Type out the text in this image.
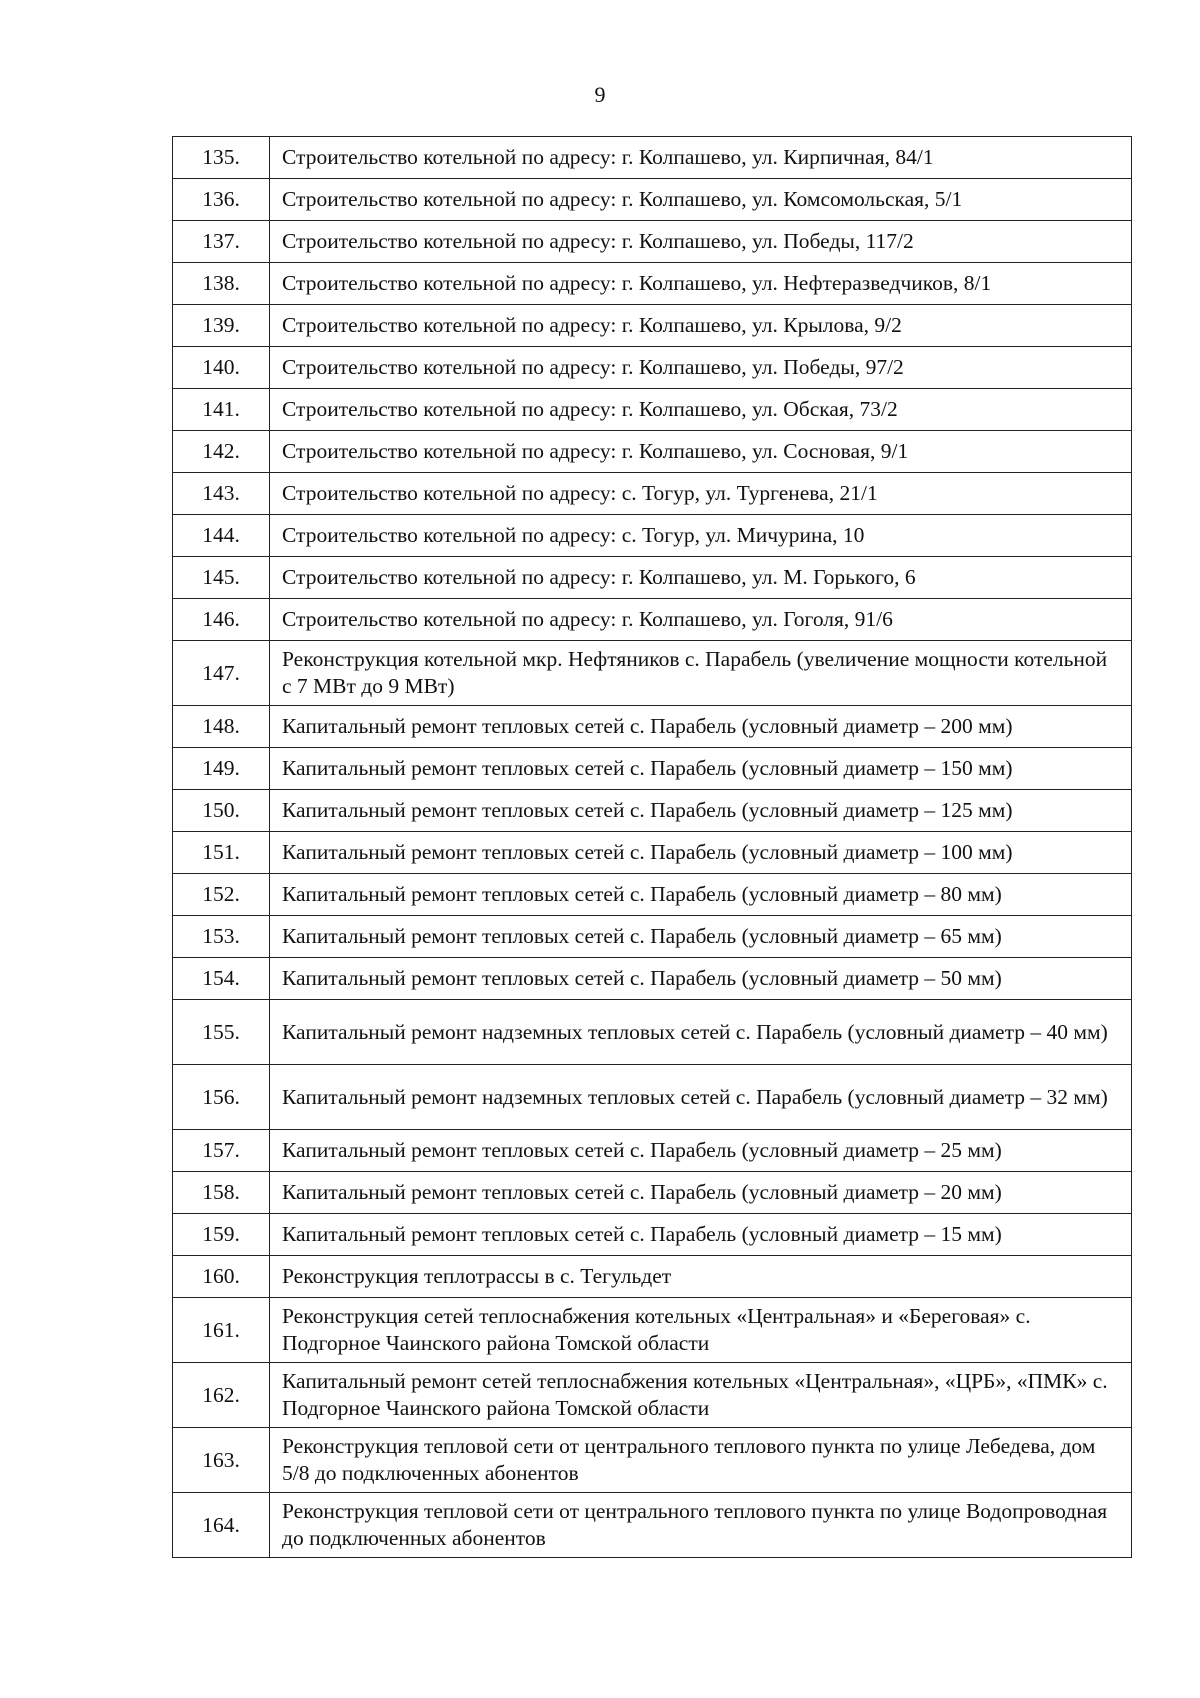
9
135.	Строительство котельной по адресу: г. Колпашево, ул. Кирпичная, 84/1
136.	Строительство котельной по адресу: г. Колпашево, ул. Комсомольская, 5/1
137.	Строительство котельной по адресу: г. Колпашево, ул. Победы, 117/2
138.	Строительство котельной по адресу: г. Колпашево, ул. Нефтеразведчиков, 8/1
139.	Строительство котельной по адресу: г. Колпашево, ул. Крылова, 9/2
140.	Строительство котельной по адресу: г. Колпашево, ул. Победы, 97/2
141.	Строительство котельной по адресу: г. Колпашево, ул. Обская, 73/2
142.	Строительство котельной по адресу: г. Колпашево, ул. Сосновая, 9/1
143.	Строительство котельной по адресу: с. Тогур, ул. Тургенева, 21/1
144.	Строительство котельной по адресу: с. Тогур, ул. Мичурина, 10
145.	Строительство котельной по адресу: г. Колпашево, ул. М. Горького, 6
146.	Строительство котельной по адресу: г. Колпашево, ул. Гоголя, 91/6
147.	Реконструкция котельной мкр. Нефтяников с. Парабель (увеличение мощности котельной с 7 МВт до 9 МВт)
148.	Капитальный ремонт тепловых сетей с. Парабель (условный диаметр – 200 мм)
149.	Капитальный ремонт тепловых сетей с. Парабель (условный диаметр – 150 мм)
150.	Капитальный ремонт тепловых сетей с. Парабель (условный диаметр – 125 мм)
151.	Капитальный ремонт тепловых сетей с. Парабель (условный диаметр – 100 мм)
152.	Капитальный ремонт тепловых сетей с. Парабель (условный диаметр – 80 мм)
153.	Капитальный ремонт тепловых сетей с. Парабель (условный диаметр – 65 мм)
154.	Капитальный ремонт тепловых сетей с. Парабель (условный диаметр – 50 мм)
155.	Капитальный ремонт надземных тепловых сетей с. Парабель (условный диаметр – 40 мм)
156.	Капитальный ремонт надземных тепловых сетей с. Парабель (условный диаметр – 32 мм)
157.	Капитальный ремонт тепловых сетей с. Парабель (условный диаметр – 25 мм)
158.	Капитальный ремонт тепловых сетей с. Парабель (условный диаметр – 20 мм)
159.	Капитальный ремонт тепловых сетей с. Парабель (условный диаметр – 15 мм)
160.	Реконструкция теплотрассы в с. Тегульдет
161.	Реконструкция сетей теплоснабжения котельных «Центральная» и «Береговая» с. Подгорное Чаинского района Томской области
162.	Капитальный ремонт сетей теплоснабжения котельных «Центральная», «ЦРБ», «ПМК» с. Подгорное Чаинского района Томской области
163.	Реконструкция тепловой сети от центрального теплового пункта по улице Лебедева, дом 5/8 до подключенных абонентов
164.	Реконструкция тепловой сети от центрального теплового пункта по улице Водопроводная до подключенных абонентов
